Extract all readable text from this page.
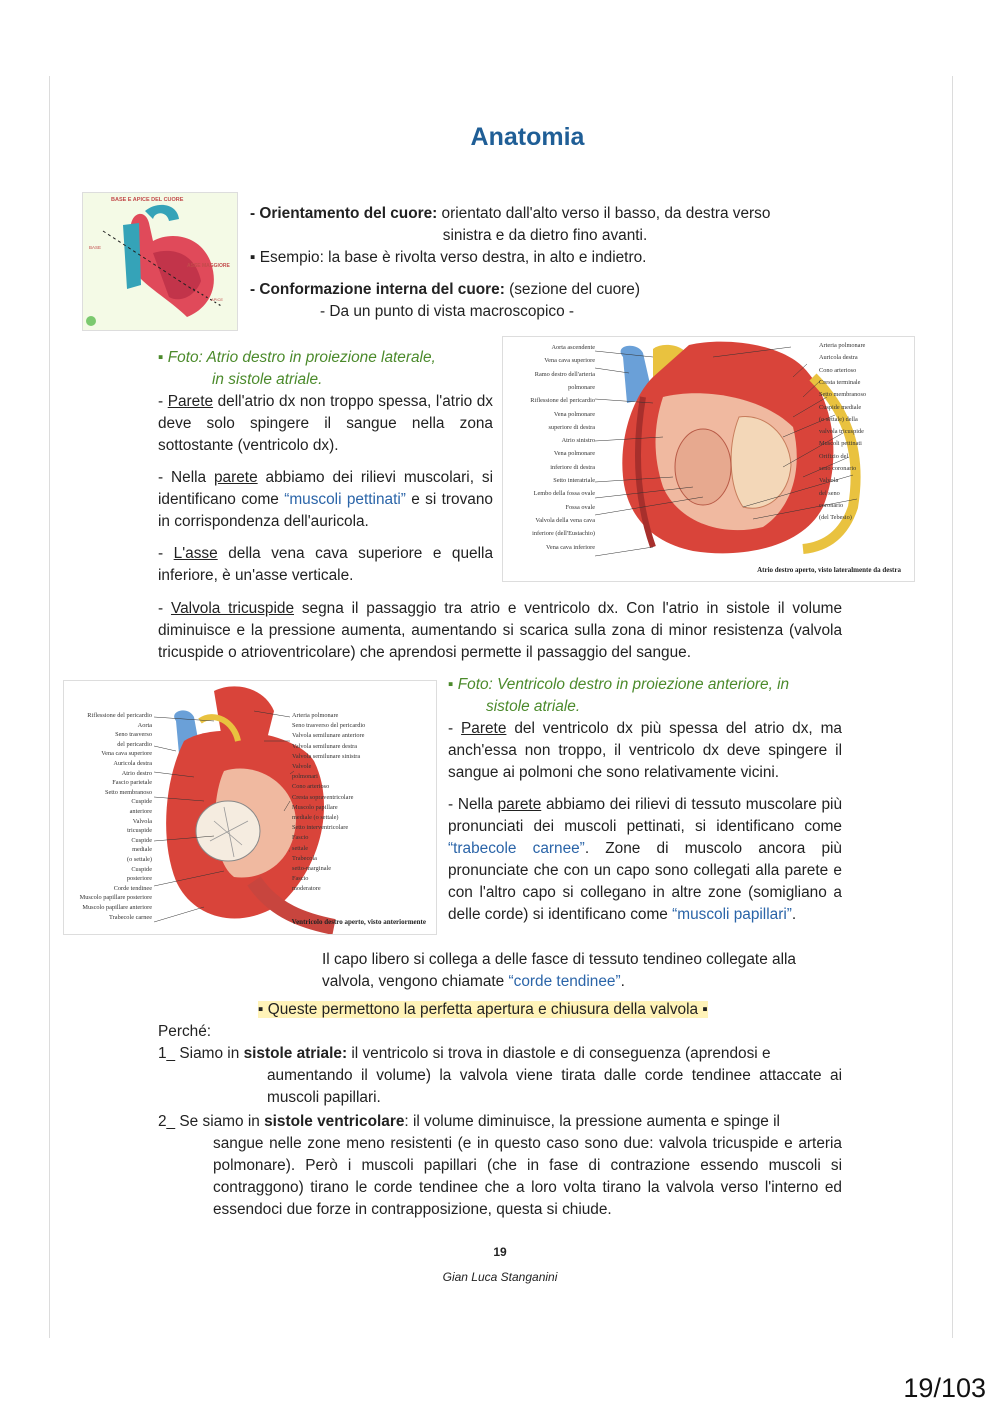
Anatomia
BASE E APICE DEL CUORE
BASE
ASSE MAGGIORE
APICE
- Orientamento del cuore: orientato dall'alto verso il basso, da destra verso
sinistra e da dietro fino avanti.
▪ Esempio: la base è rivolta verso destra, in alto e indietro.
- Conformazione interna del cuore: (sezione del cuore)
- Da un punto di vista macroscopico -
▪ Foto: Atrio destro in proiezione laterale,
in sistole atriale.
- Parete dell'atrio dx non troppo spessa, l'atrio dx deve solo spingere il sangue nella zona sottostante (ventricolo dx).
- Nella parete abbiamo dei rilievi muscolari, si identificano come “muscoli pettinati” e si trovano in corrispondenza dell'auricola.
- L'asse della vena cava superiore e quella inferiore, è un'asse verticale.
Aorta ascendente
Vena cava superiore
Ramo destro dell'arteria
polmonare
Riflessione del pericardio
Vena polmonare
superiore di destra
Atrio sinistro
Vena polmonare
inferiore di destra
Setto interatriale
Lembo della fossa ovale
Fossa ovale
Valvola della vena cava
inferiore (dell'Eustachio)
Vena cava inferiore
Arteria polmonare
Auricola destra
Cono arterioso
Cresta terminale
Setto membranoso
Cuspide mediale
(o settale) della
valvola tricuspide
Muscoli pettinati
Orifizio del
seno coronario
Valvola
del seno
coronario
(del Tebesio)
Atrio destro aperto, visto lateralmente da destra
- Valvola tricuspide segna il passaggio tra atrio e ventricolo dx. Con l'atrio in sistole il volume diminuisce e la pressione aumenta, aumentando si scarica sulla zona di minor resistenza (valvola tricuspide o atrioventricolare) che aprendosi permette il passaggio del sangue.
Riflessione del pericardio
Aorta
Seno trasverso
del pericardio
Vena cava superiore
Auricola destra
Atrio destro
Fascio parietale
Setto membranoso
Cuspide
anteriore
Valvola
tricuspide
Cuspide
mediale
(o settale)
Cuspide
posteriore
Corde tendinee
Muscolo papillare posteriore
Muscolo papillare anteriore
Trabecole carnee
Arteria polmonare
Seno trasverso del pericardio
Valvola semilunare anteriore
Valvola semilunare destra
Valvola semilunare sinistra
Valvole
polmonari
Cono arterioso
Cresta sopraventricolare
Muscolo papillare
mediale (o settale)
Setto interventricolare
Fascio
settale
Trabecola
setto-marginale
Fascio
moderatore
Ventricolo destro aperto, visto anteriormente
▪ Foto: Ventricolo destro in proiezione anteriore, in
sistole atriale.
- Parete del ventricolo dx più spessa del atrio dx, ma anch'essa non troppo, il ventricolo dx deve spingere il sangue ai polmoni che sono relativamente vicini.
- Nella parete abbiamo dei rilievi di tessuto muscolare più pronunciati dei muscoli pettinati, si identificano come “trabecole carnee”. Zone di muscolo ancora più pronunciate che con un capo sono collegati alla parete e con l'altro capo si collegano in altre zone (somigliano a delle corde) si identificano come “muscoli papillari”.
Il capo libero si collega a delle fasce di tessuto tendineo collegate alla valvola, vengono chiamate “corde tendinee”.
▪ Queste permettono la perfetta apertura e chiusura della valvola ▪
Perché:
1_ Siamo in sistole atriale: il ventricolo si trova in diastole e di conseguenza (aprendosi e
aumentando il volume) la valvola viene tirata dalle corde tendinee attaccate ai muscoli papillari.
2_ Se siamo in sistole ventricolare: il volume diminuisce, la pressione aumenta e spinge il
sangue nelle zone meno resistenti (e in questo caso sono due: valvola tricuspide e arteria polmonare). Però i muscoli papillari (che in fase di contrazione essendo muscoli si contraggono) tirano le corde tendinee che a loro volta tirano la valvola verso l'interno ed essendoci due forze in contrapposizione, questa si chiude.
19
Gian Luca Stanganini
19/103
